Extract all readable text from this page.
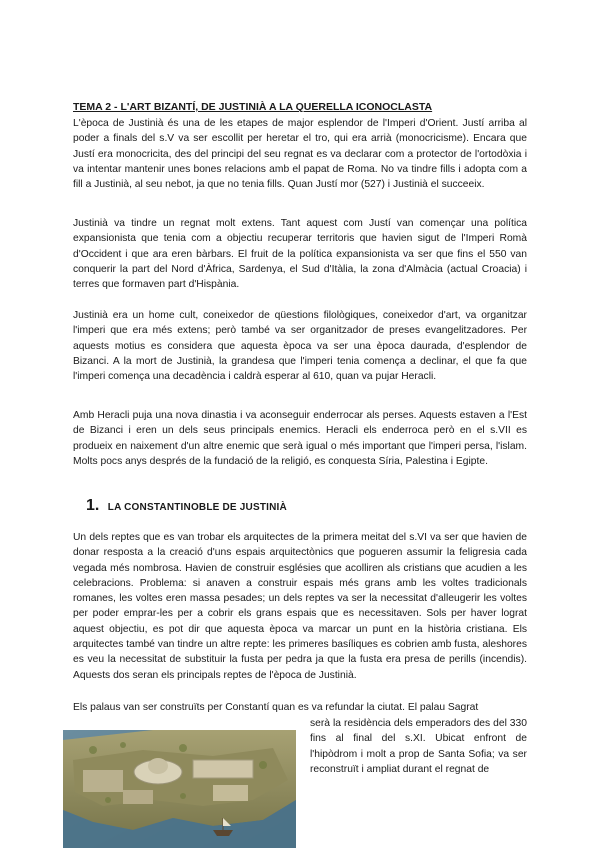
TEMA 2 - L'ART BIZANTÍ, DE JUSTINIÀ A LA QUERELLA ICONOCLASTA

L'època de Justinià és una de les etapes de major esplendor de l'Imperi d'Orient. Justí arriba al poder a finals del s.V va ser escollit per heretar el tro, qui era arrià (monocricisme). Encara que Justí era monocricita, des del principi del seu regnat es va declarar com a protector de l'ortodòxia i va intentar mantenir unes bones relacions amb el papat de Roma. No va tindre fills i adopta com a fill a Justinià, al seu nebot, ja que no tenia fills. Quan Justí mor (527) i Justinià el succeeix.

Justinià va tindre un regnat molt extens. Tant aquest com Justí van començar una política expansionista que tenia com a objectiu recuperar territoris que havien sigut de l'Imperi Romà d'Occident i que ara eren bàrbars. El fruit de la política expansionista va ser que fins el 550 van conquerir la part del Nord d'Àfrica, Sardenya, el Sud d'Itàlia, la zona d'Almàcia (actual Croacia) i terres que formaven part d'Hispània.

Justinià era un home cult, coneixedor de qüestions filològiques, coneixedor d'art, va organitzar l'imperi que era més extens; però també va ser organitzador de preses evangelitzadores. Per aquests motius es considera que aquesta època va ser una època daurada, d'esplendor de Bizanci. A la mort de Justinià, la grandesa que l'imperi tenia comença a declinar, el que fa que l'imperi comença una decadència i caldrà esperar al 610, quan va pujar Heracli.

Amb Heracli puja una nova dinastia i va aconseguir enderrocar als perses. Aquests estaven a l'Est de Bizanci i eren un dels seus principals enemics. Heracli els enderroca però en el s.VII es produeix en naixement d'un altre enemic que serà igual o més important que l'imperi persa, l'islam. Molts pocs anys després de la fundació de la religió, es conquesta Síria, Palestina i Egipte.

1. LA CONSTANTINOBLE DE JUSTINIÀ

Un dels reptes que es van trobar els arquitectes de la primera meitat del s.VI va ser que havien de donar resposta a la creació d'uns espais arquitectònics que pogueren assumir la feligresia cada vegada més nombrosa. Havien de construir esglésies que acolliren als cristians que acudien a les celebracions. Problema: si anaven a construir espais més grans amb les voltes tradicionals romanes, les voltes eren massa pesades; un dels reptes va ser la necessitat d'alleugerir les voltes per poder emprar-les per a cobrir els grans espais que es necessitaven. Sols per haver lograt aquest objectiu, es pot dir que aquesta època va marcar un punt en la història cristiana. Els arquitectes també van tindre un altre repte: les primeres basíliques es cobrien amb fusta, aleshores es veu la necessitat de substituir la fusta per pedra ja que la fusta era presa de perills (incendis). Aquests dos seran els principals reptes de l'època de Justinià.

Els palaus van ser construïts per Constantí quan es va refundar la ciutat. El palau Sagrat

serà la residència dels emperadors des del 330 fins al final del s.XI. Ubicat enfront de l'hipòdrom i molt a prop de Santa Sofia; va ser reconstruït i ampliat durant el regnat de
